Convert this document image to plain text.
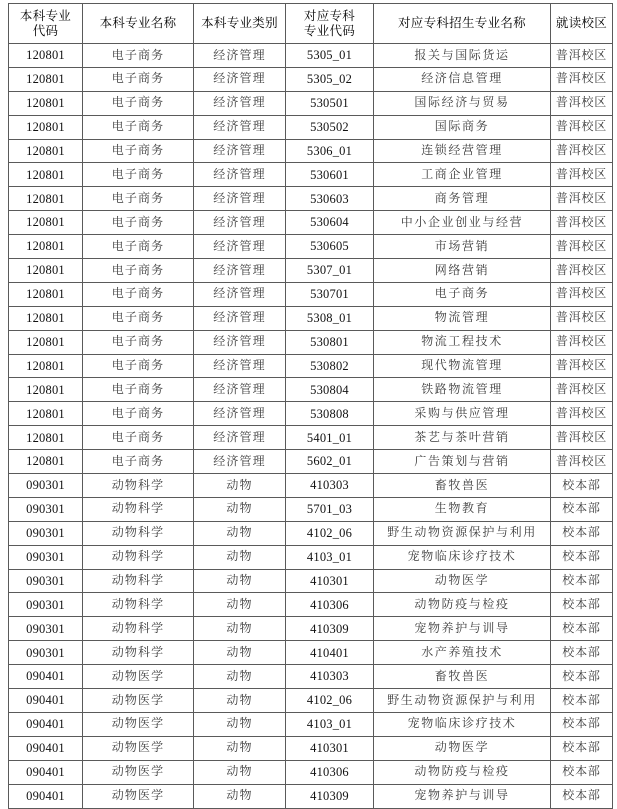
本科专业
代码	本科专业名称	本科专业类别	对应专科
专业代码	对应专科招生专业名称	就读校区

120801	电子商务	经济管理	5305_01	报关与国际货运	普洱校区
120801	电子商务	经济管理	5305_02	经济信息管理	普洱校区
120801	电子商务	经济管理	530501	国际经济与贸易	普洱校区
120801	电子商务	经济管理	530502	国际商务	普洱校区
120801	电子商务	经济管理	5306_01	连锁经营管理	普洱校区
120801	电子商务	经济管理	530601	工商企业管理	普洱校区
120801	电子商务	经济管理	530603	商务管理	普洱校区
120801	电子商务	经济管理	530604	中小企业创业与经营	普洱校区
120801	电子商务	经济管理	530605	市场营销	普洱校区
120801	电子商务	经济管理	5307_01	网络营销	普洱校区
120801	电子商务	经济管理	530701	电子商务	普洱校区
120801	电子商务	经济管理	5308_01	物流管理	普洱校区
120801	电子商务	经济管理	530801	物流工程技术	普洱校区
120801	电子商务	经济管理	530802	现代物流管理	普洱校区
120801	电子商务	经济管理	530804	铁路物流管理	普洱校区
120801	电子商务	经济管理	530808	采购与供应管理	普洱校区
120801	电子商务	经济管理	5401_01	茶艺与茶叶营销	普洱校区
120801	电子商务	经济管理	5602_01	广告策划与营销	普洱校区
090301	动物科学	动物	410303	畜牧兽医	校本部
090301	动物科学	动物	5701_03	生物教育	校本部
090301	动物科学	动物	4102_06	野生动物资源保护与利用	校本部
090301	动物科学	动物	4103_01	宠物临床诊疗技术	校本部
090301	动物科学	动物	410301	动物医学	校本部
090301	动物科学	动物	410306	动物防疫与检疫	校本部
090301	动物科学	动物	410309	宠物养护与训导	校本部
090301	动物科学	动物	410401	水产养殖技术	校本部
090401	动物医学	动物	410303	畜牧兽医	校本部
090401	动物医学	动物	4102_06	野生动物资源保护与利用	校本部
090401	动物医学	动物	4103_01	宠物临床诊疗技术	校本部
090401	动物医学	动物	410301	动物医学	校本部
090401	动物医学	动物	410306	动物防疫与检疫	校本部
090401	动物医学	动物	410309	宠物养护与训导	校本部
